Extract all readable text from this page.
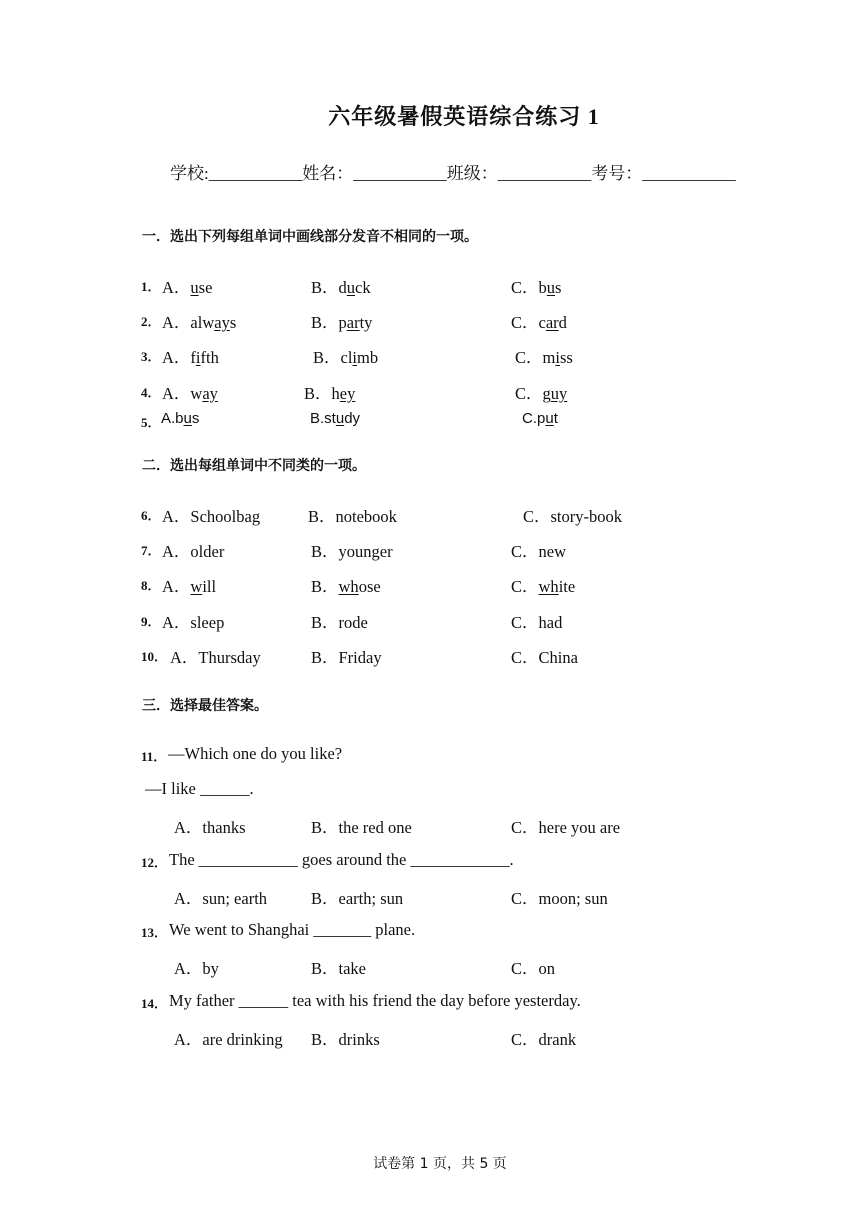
六年级暑假英语综合练习 1
学校:___________姓名：___________班级：___________考号：___________
一．选出下列每组单词中画线部分发音不相同的一项。
1． A．use	B．duck	C．bus
2． A．always	B．party	C．card
3． A．fifth	B．climb	C．miss
4． A．way	B．hey	C．guy
5． A.bus	B.study	C.put
二．选出每组单词中不同类的一项。
6． A．Schoolbag	B．notebook	C．story-book
7． A．older	B．younger	C．new
8． A．will	B．whose	C．white
9． A．sleep	B．rode	C．had
10． A．Thursday	B．Friday	C．China
三．选择最佳答案。
11． —Which one do you like?
—I like ______.
A．thanks	B．the red one	C．here you are
12． The ____________ goes around the ____________.
A．sun; earth	B．earth; sun	C．moon; sun
13． We went to Shanghai _______ plane.
A．by	B．take	C．on
14． My father ______ tea with his friend the day before yesterday.
A．are drinking B．drinks	C．drank
试卷第 1 页，共 5 页
